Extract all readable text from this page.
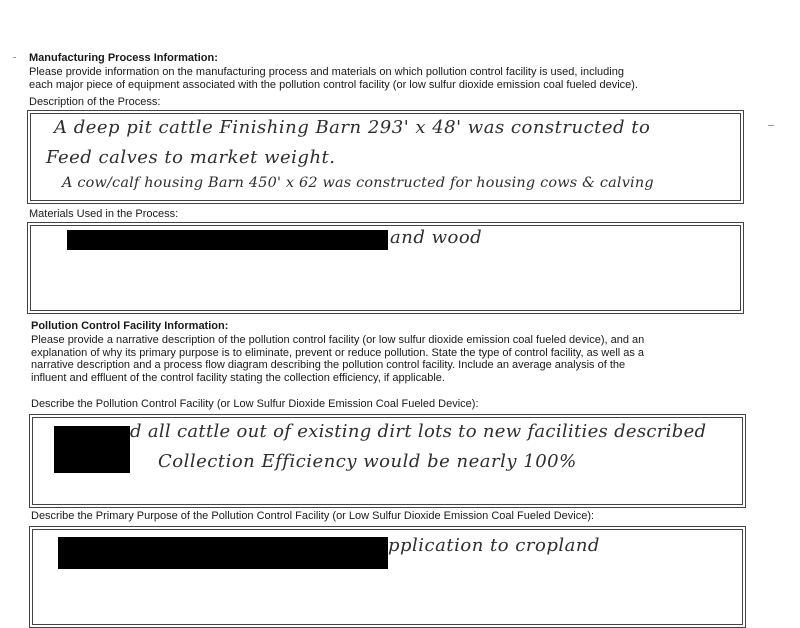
Manufacturing Process Information:
Please provide information on the manufacturing process and materials on which pollution control facility is used, including
each major piece of equipment associated with the pollution control facility (or low sulfur dioxide emission coal fueled device).
Description of the Process:
A deep pit cattle Finishing Barn 293' x 48' was constructed to
Feed calves to market weight.
A cow/calf housing Barn 450' x 62 was constructed for housing cows & calving
Materials Used in the Process:
and wood
Pollution Control Facility Information:
Please provide a narrative description of the pollution control facility (or low sulfur dioxide emission coal fueled device), and an
explanation of why its primary purpose is to eliminate, prevent or reduce pollution. State the type of control facility, as well as a
narrative description and a process flow diagram describing the pollution control facility. Include an average analysis of the
influent and effluent of the control facility stating the collection efficiency, if applicable.
Describe the Pollution Control Facility (or Low Sulfur Dioxide Emission Coal Fueled Device):
d all cattle out of existing dirt lots to new facilities described
Collection Efficiency would be nearly 100%
Describe the Primary Purpose of the Pollution Control Facility (or Low Sulfur Dioxide Emission Coal Fueled Device):
pplication to cropland
